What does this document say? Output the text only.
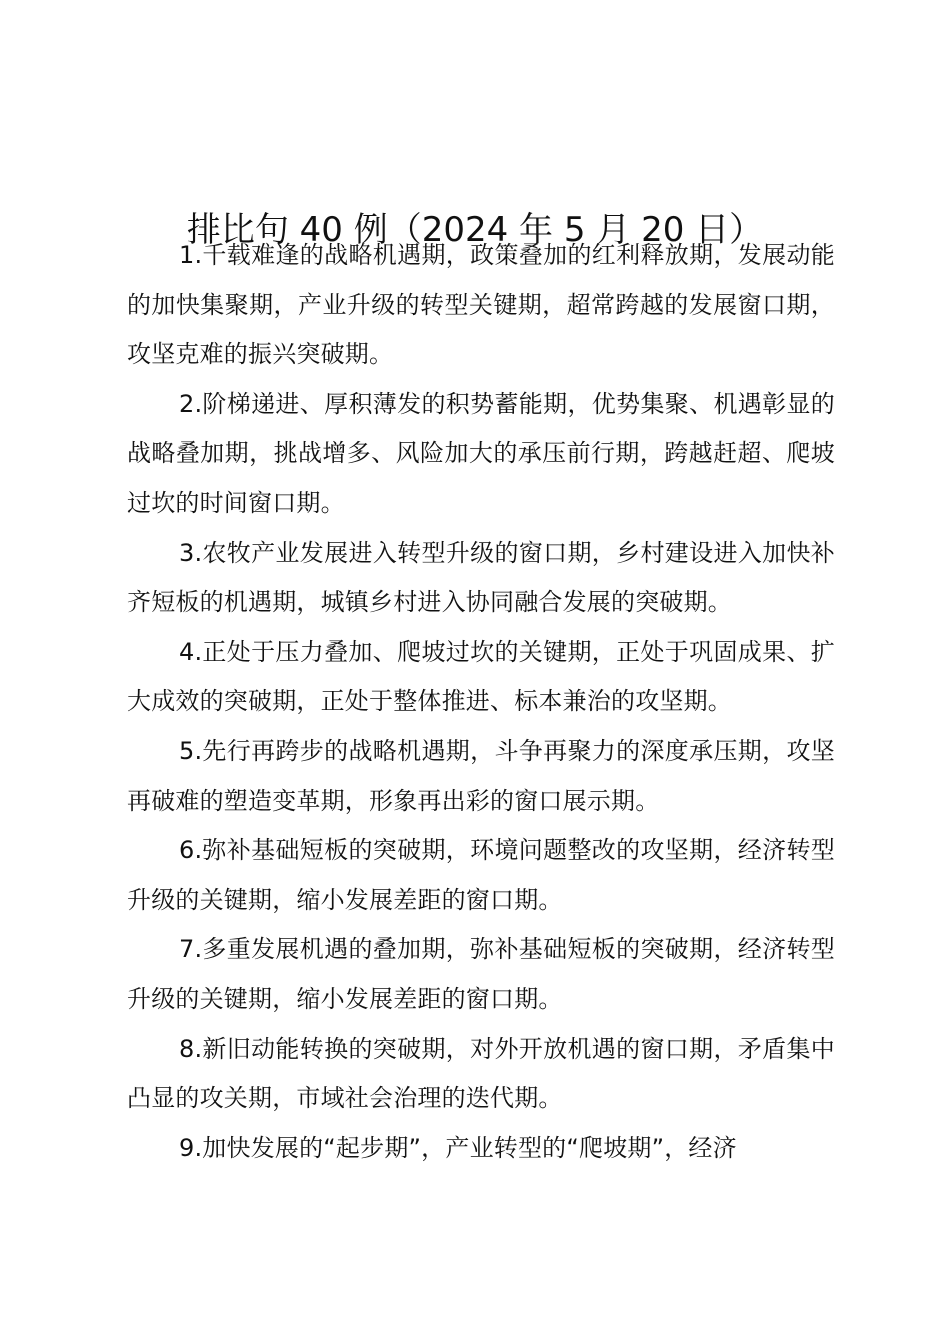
排比句 40 例（2024 年 5 月 20 日）

1.千载难逢的战略机遇期，政策叠加的红利释放期，发展动能的加快集聚期，产业升级的转型关键期，超常跨越的发展窗口期，攻坚克难的振兴突破期。

2.阶梯递进、厚积薄发的积势蓄能期，优势集聚、机遇彰显的战略叠加期，挑战增多、风险加大的承压前行期，跨越赶超、爬坡过坎的时间窗口期。

3.农牧产业发展进入转型升级的窗口期，乡村建设进入加快补齐短板的机遇期，城镇乡村进入协同融合发展的突破期。

4.正处于压力叠加、爬坡过坎的关键期，正处于巩固成果、扩大成效的突破期，正处于整体推进、标本兼治的攻坚期。

5.先行再跨步的战略机遇期，斗争再聚力的深度承压期，攻坚再破难的塑造变革期，形象再出彩的窗口展示期。

6.弥补基础短板的突破期，环境问题整改的攻坚期，经济转型升级的关键期，缩小发展差距的窗口期。

7.多重发展机遇的叠加期，弥补基础短板的突破期，经济转型升级的关键期，缩小发展差距的窗口期。

8.新旧动能转换的突破期，对外开放机遇的窗口期，矛盾集中凸显的攻关期，市域社会治理的迭代期。

9.加快发展的“起步期”，产业转型的“爬坡期”，经济
